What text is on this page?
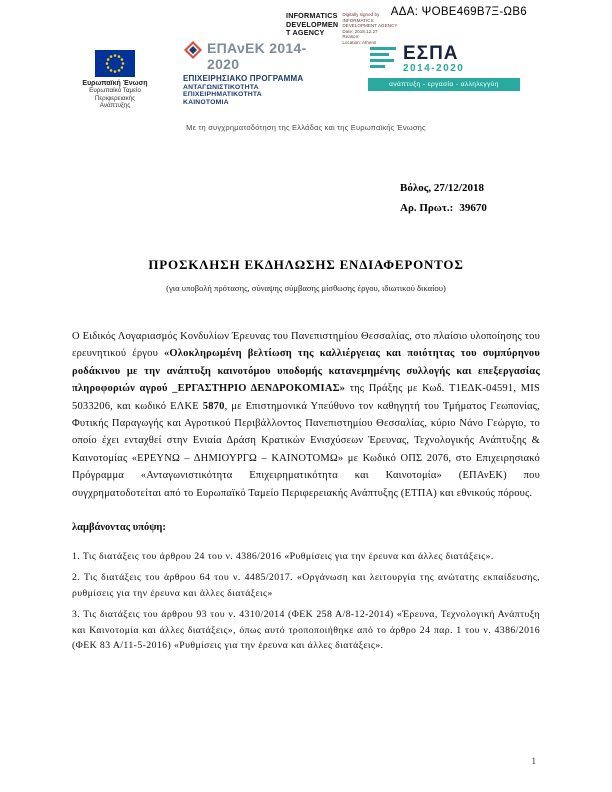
ΑΔΑ: ΨΟΒΕ469Β7Ξ-ΩΒ6
Ευρωπαϊκή Ένωση
Ευρωπαϊκό Ταμείο
Περιφερειακής Ανάπτυξης
ΕΠΑνΕΚ 2014-2020
ΕΠΙΧΕΙΡΗΣΙΑΚΟ ΠΡΟΓΡΑΜΜΑ
ΑΝΤΑΓΩΝΙΣΤΙΚΟΤΗΤΑ ΕΠΙΧΕΙΡΗΜΑΤΙΚΟΤΗΤΑ
ΚΑΙΝΟΤΟΜΙΑ
INFORMATICS
DEVELOPMEN
T AGENCY
Digitally signed by
INFORMATICS
DEVELOPMENT AGENCY
Date: 2018.12.27
Reason:
Location: Athens
ΕΣΠΑ
2014-2020
ανάπτυξη - εργασία - αλληλεγγύη
Με τη συγχρηματοδότηση της Ελλάδας και της Ευρωπαϊκής Ένωσης
Βόλος, 27/12/2018
Αρ. Πρωτ.: 39670
ΠΡΟΣΚΛΗΣΗ ΕΚΔΗΛΩΣΗΣ ΕΝΔΙΑΦΕΡΟΝΤΟΣ
(για υποβολή πρότασης, σύναψης σύμβασης μίσθωσης έργου, ιδιωτικού δικαίου)

Ο Ειδικός Λογαριασμός Κονδυλίων Έρευνας του Πανεπιστημίου Θεσσαλίας, στο πλαίσιο υλοποίησης του ερευνητικού έργου «Ολοκληρωμένη βελτίωση της καλλιέργειας και ποιότητας του συμπύρηνου ροδάκινου με την ανάπτυξη καινοτόμου υποδομής κατανεμημένης συλλογής και επεξεργασίας πληροφοριών αγρού _ΕΡΓΑΣΤΗΡΙΟ ΔΕΝΔΡΟΚΟΜΙΑΣ» της Πράξης με Κωδ. Τ1ΕΔΚ-04591, MIS 5033206, και κωδικό ΕΛΚΕ 5870, με Επιστημονικά Υπεύθυνο τον καθηγητή του Τμήματος Γεωπονίας, Φυτικής Παραγωγής και Αγροτικού Περιβάλλοντος Πανεπιστημίου Θεσσαλίας, κύριο Νάνο Γεώργιο, το οποίο έχει ενταχθεί στην Ενιαία Δράση Κρατικών Ενισχύσεων Έρευνας, Τεχνολογικής Ανάπτυξης & Καινοτομίας «ΕΡΕΥΝΩ – ΔΗΜΙΟΥΡΓΩ – ΚΑΙΝΟΤΟΜΩ» με Κωδικό ΟΠΣ 2076, στο Επιχειρησιακό Πρόγραμμα «Ανταγωνιστικότητα Επιχειρηματικότητα και Καινοτομία» (ΕΠΑνΕΚ) που συγχρηματοδοτείται από το Ευρωπαϊκό Ταμείο Περιφερειακής Ανάπτυξης (ΕΤΠΑ) και εθνικούς πόρους.

λαμβάνοντας υπόψη:

1. Τις διατάξεις του άρθρου 24 του ν. 4386/2016 «Ρυθμίσεις για την έρευνα και άλλες διατάξεις».

2. Τις διατάξεις του άρθρου 64 του ν. 4485/2017. «Οργάνωση και λειτουργία της ανώτατης εκπαίδευσης, ρυθμίσεις για την έρευνα και άλλες διατάξεις»

3. Τις διατάξεις του άρθρου 93 του ν. 4310/2014 (ΦΕΚ 258 Α/8-12-2014) «Έρευνα, Τεχνολογική Ανάπτυξη και Καινοτομία και άλλες διατάξεις», όπως αυτό τροποποιήθηκε από το άρθρο 24 παρ. 1 του ν. 4386/2016 (ΦΕΚ 83 Α/11-5-2016) «Ρυθμίσεις για την έρευνα και άλλες διατάξεις».

1
